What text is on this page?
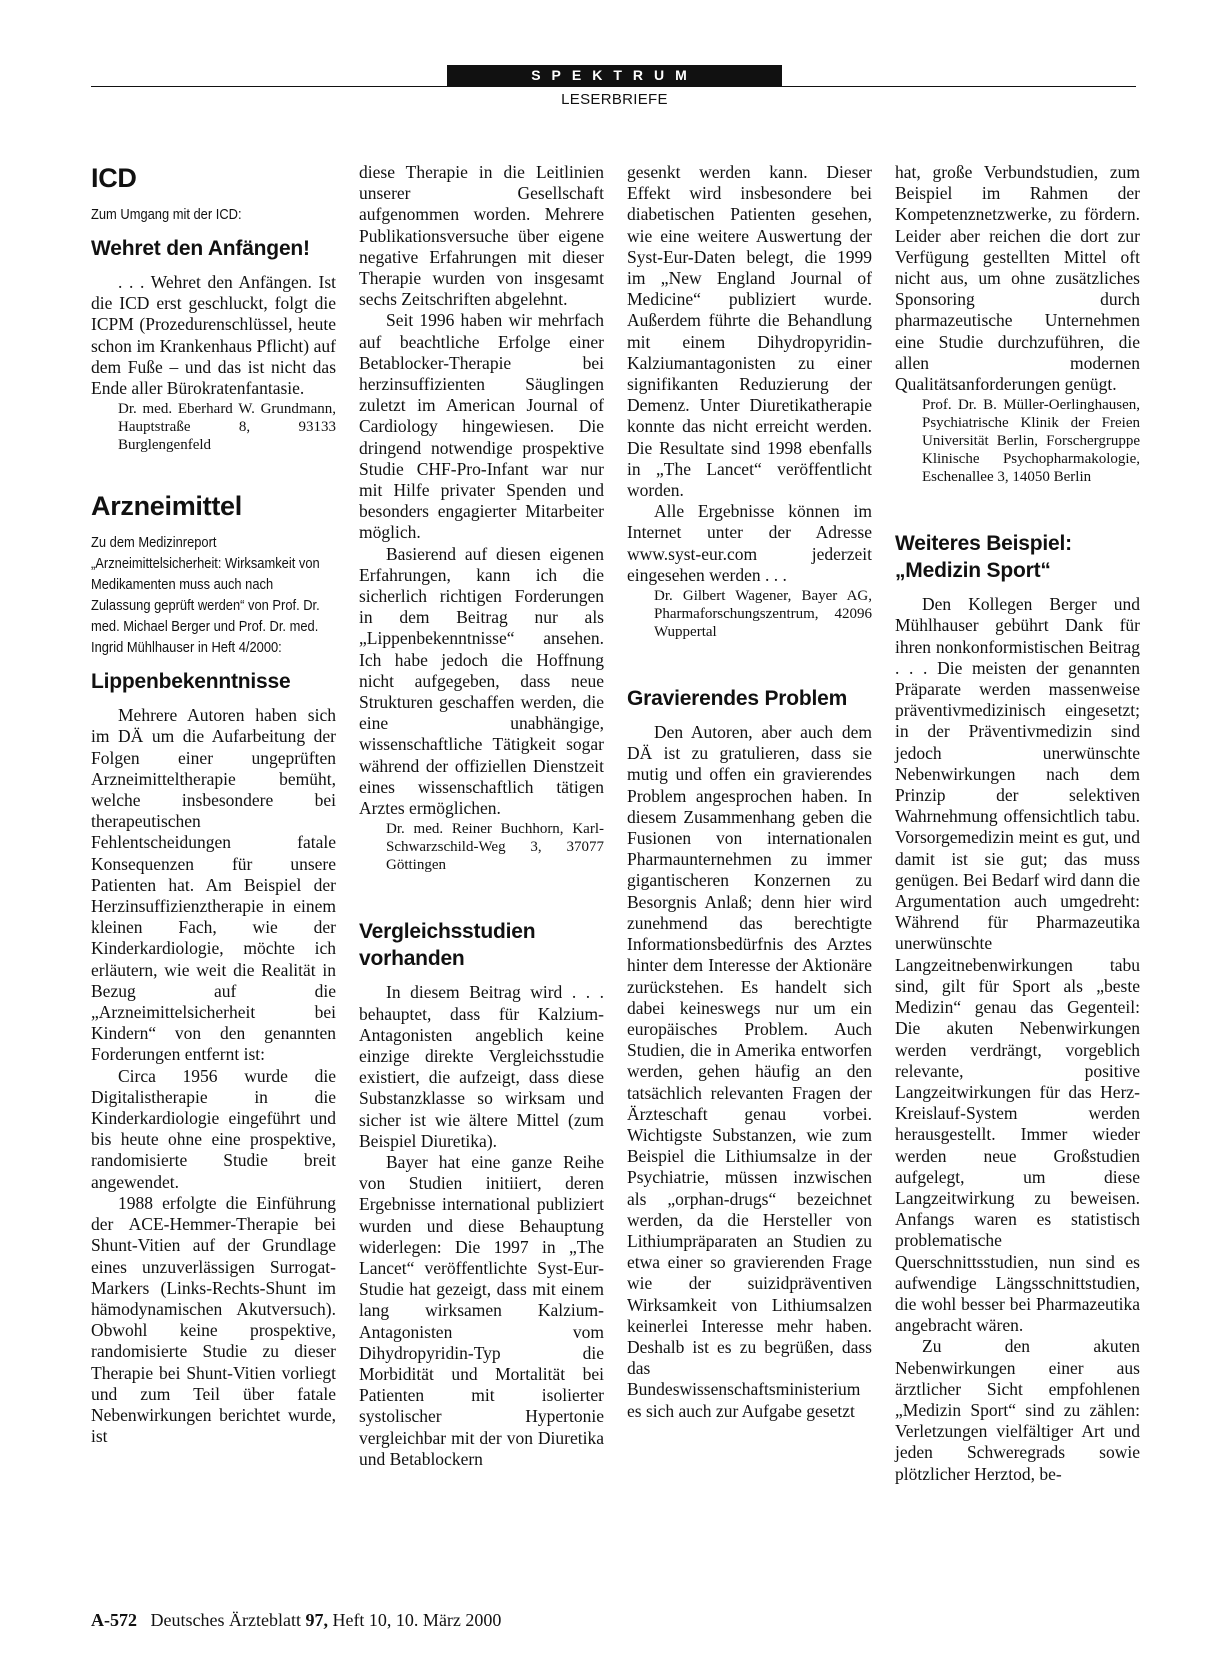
SPEKTRUM
LESERBRIEFE
ICD
Zum Umgang mit der ICD:
Wehret den Anfängen!

. . . Wehret den Anfängen. Ist die ICD erst geschluckt, folgt die ICPM (Prozedurenschlüssel, heute schon im Krankenhaus Pflicht) auf dem Fuße – und das ist nicht das Ende aller Bürokratenfantasie.

Dr. med. Eberhard W. Grundmann, Hauptstraße 8, 93133 Burglengenfeld

Arzneimittel
Zu dem Medizinreport „Arzneimittelsicherheit: Wirksamkeit von Medikamenten muss auch nach Zulassung geprüft werden“ von Prof. Dr. med. Michael Berger und Prof. Dr. med. Ingrid Mühlhauser in Heft 4/2000:
Lippenbekenntnisse

Mehrere Autoren haben sich im DÄ um die Aufarbeitung der Folgen einer ungeprüften Arzneimitteltherapie bemüht, welche insbesondere bei therapeutischen Fehlentscheidungen fatale Konsequenzen für unsere Patienten hat. Am Beispiel der Herzinsuffizienztherapie in einem kleinen Fach, wie der Kinderkardiologie, möchte ich erläutern, wie weit die Realität in Bezug auf die „Arzneimittelsicherheit bei Kindern“ von den genannten Forderungen entfernt ist:

Circa 1956 wurde die Digitalistherapie in die Kinderkardiologie eingeführt und bis heute ohne eine prospektive, randomisierte Studie breit angewendet.

1988 erfolgte die Einführung der ACE-Hemmer-Therapie bei Shunt-Vitien auf der Grundlage eines unzuverlässigen Surrogat-Markers (Links-Rechts-Shunt im hämodynamischen Akutversuch). Obwohl keine prospektive, randomisierte Studie zu dieser Therapie bei Shunt-Vitien vorliegt und zum Teil über fatale Nebenwirkungen berichtet wurde, ist

diese Therapie in die Leitlinien unserer Gesellschaft aufgenommen worden. Mehrere Publikationsversuche über eigene negative Erfahrungen mit dieser Therapie wurden von insgesamt sechs Zeitschriften abgelehnt.

Seit 1996 haben wir mehrfach auf beachtliche Erfolge einer Betablocker-Therapie bei herzinsuffizienten Säuglingen zuletzt im American Journal of Cardiology hingewiesen. Die dringend notwendige prospektive Studie CHF-Pro-Infant war nur mit Hilfe privater Spenden und besonders engagierter Mitarbeiter möglich.

Basierend auf diesen eigenen Erfahrungen, kann ich die sicherlich richtigen Forderungen in dem Beitrag nur als „Lippenbekenntnisse“ ansehen. Ich habe jedoch die Hoffnung nicht aufgegeben, dass neue Strukturen geschaffen werden, die eine unabhängige, wissenschaftliche Tätigkeit sogar während der offiziellen Dienstzeit eines wissenschaftlich tätigen Arztes ermöglichen.

Dr. med. Reiner Buchhorn, Karl-Schwarzschild-Weg 3, 37077 Göttingen

Vergleichsstudien vorhanden

In diesem Beitrag wird . . . behauptet, dass für Kalzium-Antagonisten angeblich keine einzige direkte Vergleichsstudie existiert, die aufzeigt, dass diese Substanzklasse so wirksam und sicher ist wie ältere Mittel (zum Beispiel Diuretika).

Bayer hat eine ganze Reihe von Studien initiiert, deren Ergebnisse international publiziert wurden und diese Behauptung widerlegen: Die 1997 in „The Lancet“ veröffentlichte Syst-Eur-Studie hat gezeigt, dass mit einem lang wirksamen Kalzium-Antagonisten vom Dihydropyridin-Typ die Morbidität und Mortalität bei Patienten mit isolierter systolischer Hypertonie vergleichbar mit der von Diuretika und Betablockern

gesenkt werden kann. Dieser Effekt wird insbesondere bei diabetischen Patienten gesehen, wie eine weitere Auswertung der Syst-Eur-Daten belegt, die 1999 im „New England Journal of Medicine“ publiziert wurde. Außerdem führte die Behandlung mit einem Dihydropyridin-Kalziumantagonisten zu einer signifikanten Reduzierung der Demenz. Unter Diuretikatherapie konnte das nicht erreicht werden. Die Resultate sind 1998 ebenfalls in „The Lancet“ veröffentlicht worden.

Alle Ergebnisse können im Internet unter der Adresse www.syst-eur.com jederzeit eingesehen werden . . .

Dr. Gilbert Wagener, Bayer AG, Pharmaforschungszentrum, 42096 Wuppertal

Gravierendes Problem

Den Autoren, aber auch dem DÄ ist zu gratulieren, dass sie mutig und offen ein gravierendes Problem angesprochen haben. In diesem Zusammenhang geben die Fusionen von internationalen Pharmaunternehmen zu immer gigantischeren Konzernen zu Besorgnis Anlaß; denn hier wird zunehmend das berechtigte Informationsbedürfnis des Arztes hinter dem Interesse der Aktionäre zurückstehen. Es handelt sich dabei keineswegs nur um ein europäisches Problem. Auch Studien, die in Amerika entworfen werden, gehen häufig an den tatsächlich relevanten Fragen der Ärzteschaft genau vorbei. Wichtigste Substanzen, wie zum Beispiel die Lithiumsalze in der Psychiatrie, müssen inzwischen als „orphan-drugs“ bezeichnet werden, da die Hersteller von Lithiumpräparaten an Studien zu etwa einer so gravierenden Frage wie der suizidpräventiven Wirksamkeit von Lithiumsalzen keinerlei Interesse mehr haben. Deshalb ist es zu begrüßen, dass das Bundeswissenschaftsministerium es sich auch zur Aufgabe gesetzt

hat, große Verbundstudien, zum Beispiel im Rahmen der Kompetenznetzwerke, zu fördern. Leider aber reichen die dort zur Verfügung gestellten Mittel oft nicht aus, um ohne zusätzliches Sponsoring durch pharmazeutische Unternehmen eine Studie durchzuführen, die allen modernen Qualitätsanforderungen genügt.

Prof. Dr. B. Müller-Oerlinghausen, Psychiatrische Klinik der Freien Universität Berlin, Forschergruppe Klinische Psychopharmakologie, Eschenallee 3, 14050 Berlin

Weiteres Beispiel: „Medizin Sport“

Den Kollegen Berger und Mühlhauser gebührt Dank für ihren nonkonformistischen Beitrag . . . Die meisten der genannten Präparate werden massenweise präventivmedizinisch eingesetzt; in der Präventivmedizin sind jedoch unerwünschte Nebenwirkungen nach dem Prinzip der selektiven Wahrnehmung offensichtlich tabu. Vorsorgemedizin meint es gut, und damit ist sie gut; das muss genügen. Bei Bedarf wird dann die Argumentation auch umgedreht: Während für Pharmazeutika unerwünschte Langzeitnebenwirkungen tabu sind, gilt für Sport als „beste Medizin“ genau das Gegenteil: Die akuten Nebenwirkungen werden verdrängt, vorgeblich relevante, positive Langzeitwirkungen für das Herz-Kreislauf-System werden herausgestellt. Immer wieder werden neue Großstudien aufgelegt, um diese Langzeitwirkung zu beweisen. Anfangs waren es statistisch problematische Querschnittsstudien, nun sind es aufwendige Längsschnittstudien, die wohl besser bei Pharmazeutika angebracht wären.

Zu den akuten Nebenwirkungen einer aus ärztlicher Sicht empfohlenen „Medizin Sport“ sind zu zählen: Verletzungen vielfältiger Art und jeden Schweregrads sowie plötzlicher Herztod, be-

A-572 Deutsches Ärzteblatt 97, Heft 10, 10. März 2000
